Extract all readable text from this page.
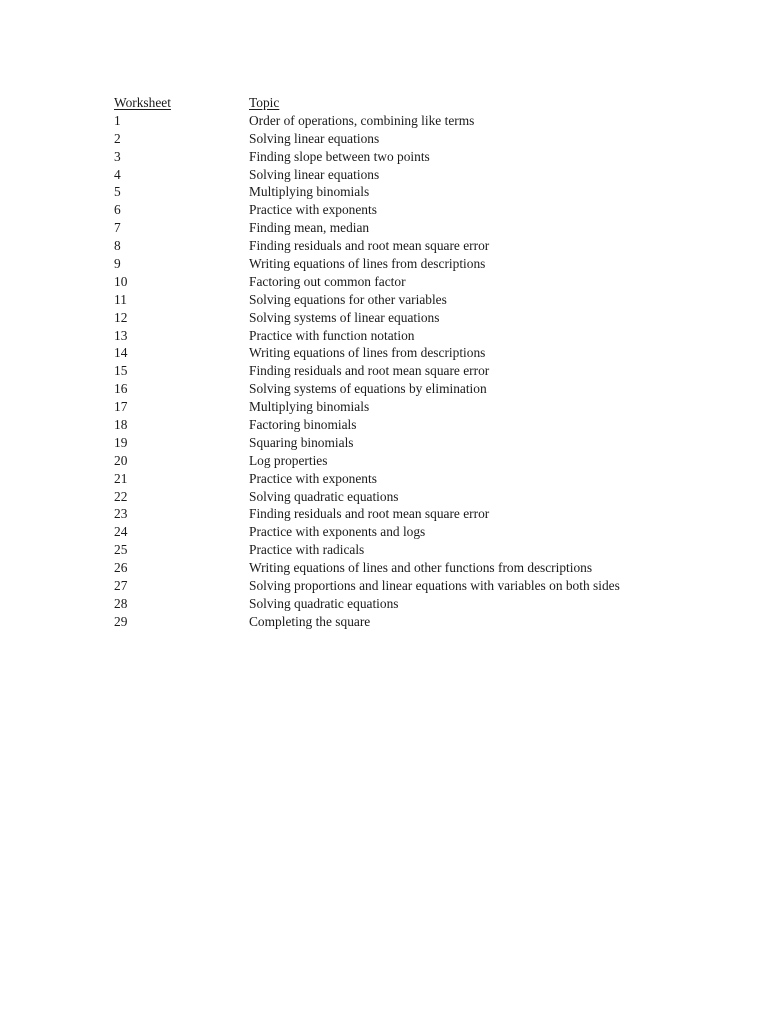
Worksheet	Topic
1	Order of operations, combining like terms
2	Solving linear equations
3	Finding slope between two points
4	Solving linear equations
5	Multiplying binomials
6	Practice with exponents
7	Finding mean, median
8	Finding residuals and root mean square error
9	Writing equations of lines from descriptions
10	Factoring out common factor
11	Solving equations for other variables
12	Solving systems of linear equations
13	Practice with function notation
14	Writing equations of lines from descriptions
15	Finding residuals and root mean square error
16	Solving systems of equations by elimination
17	Multiplying binomials
18	Factoring binomials
19	Squaring binomials
20	Log properties
21	Practice with exponents
22	Solving quadratic equations
23	Finding residuals and root mean square error
24	Practice with exponents and logs
25	Practice with radicals
26	Writing equations of lines and other functions from descriptions
27	Solving proportions and linear equations with variables on both sides
28	Solving quadratic equations
29	Completing the square
